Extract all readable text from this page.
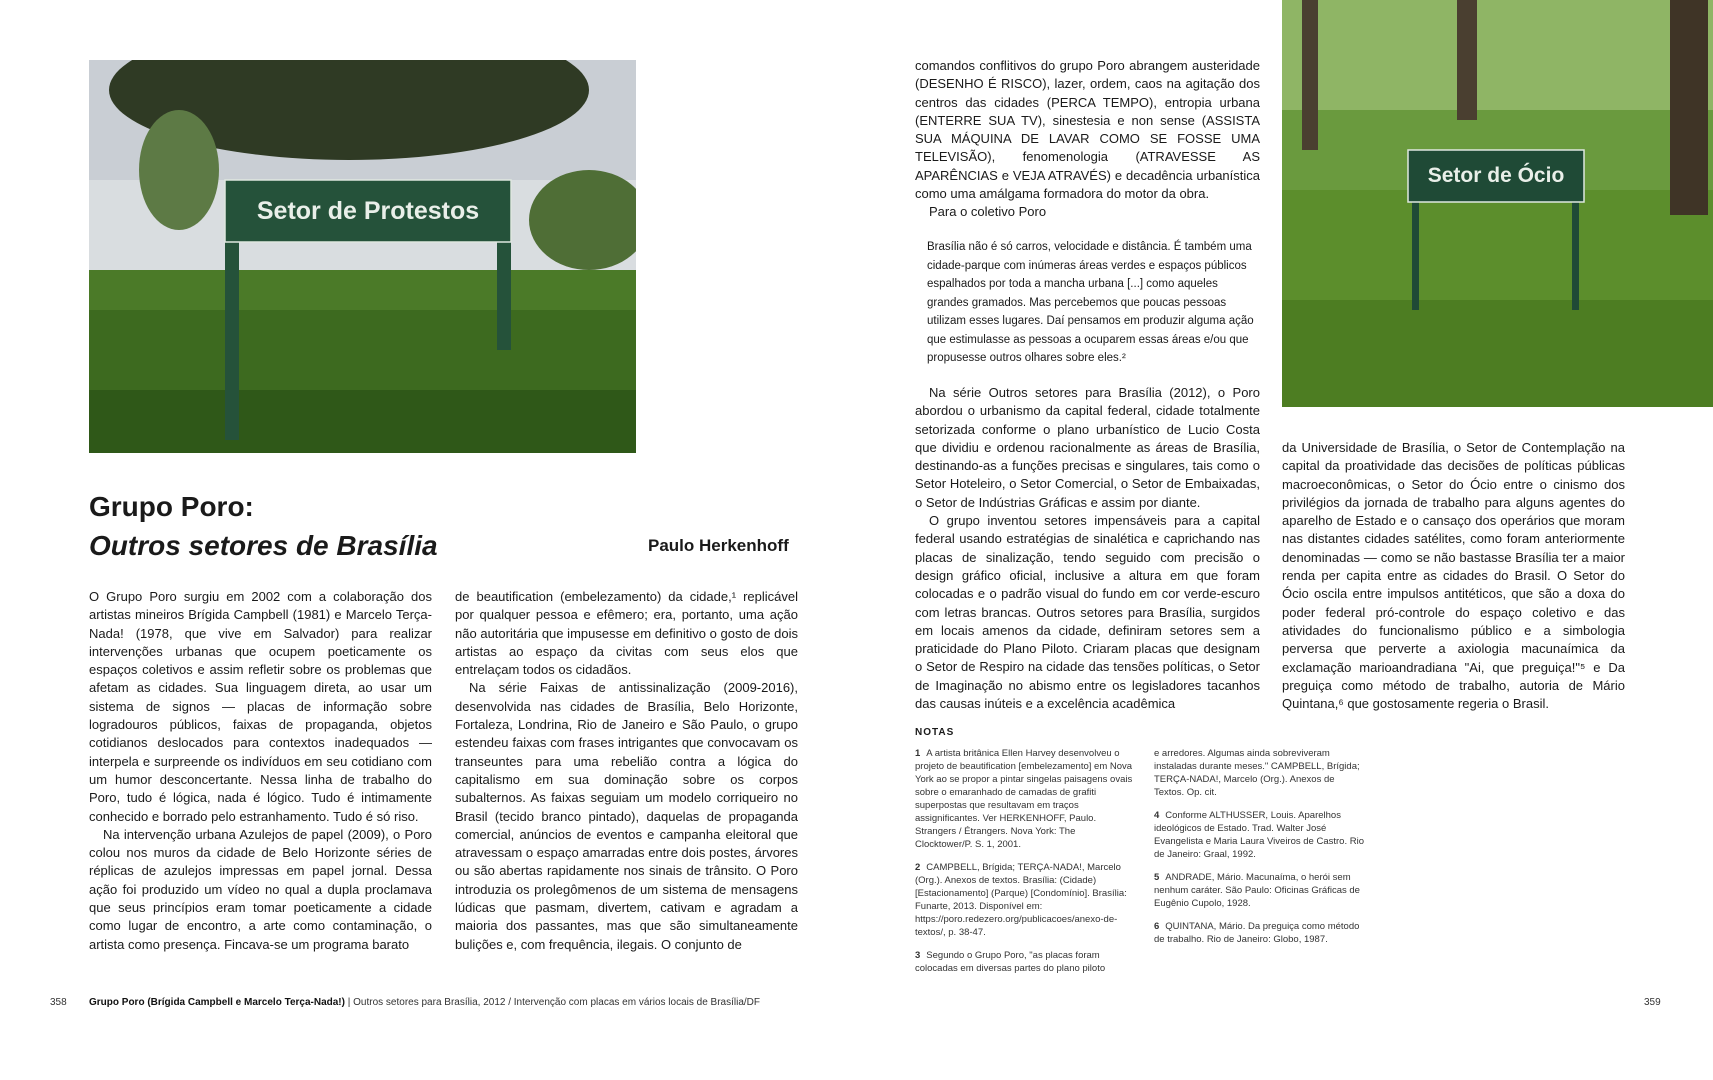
Setor de Protestos
Setor de Ócio
Grupo Poro:
Outros setores de Brasília	Paulo Herkenhoff

O Grupo Poro surgiu em 2002 com a colaboração dos artistas mineiros Brígida Campbell (1981) e Marcelo Terça-Nada! (1978, que vive em Salvador) para realizar intervenções urbanas que ocupem poeticamente os espaços coletivos e assim refletir sobre os problemas que afetam as cidades. Sua linguagem direta, ao usar um sistema de signos — placas de informação sobre logradouros públicos, faixas de propaganda, objetos cotidianos deslocados para contextos inadequados — interpela e surpreende os indivíduos em seu cotidiano com um humor desconcertante. Nessa linha de trabalho do Poro, tudo é lógica, nada é lógico. Tudo é intimamente conhecido e borrado pelo estranhamento. Tudo é só riso.

Na intervenção urbana Azulejos de papel (2009), o Poro colou nos muros da cidade de Belo Horizonte séries de réplicas de azulejos impressas em papel jornal. Dessa ação foi produzido um vídeo no qual a dupla proclamava que seus princípios eram tomar poeticamente a cidade como lugar de encontro, a arte como contaminação, o artista como presença. Fincava-se um programa barato

de beautification (embelezamento) da cidade,¹ replicável por qualquer pessoa e efêmero; era, portanto, uma ação não autoritária que impusesse em definitivo o gosto de dois artistas ao espaço da civitas com seus elos que entrelaçam todos os cidadãos.

Na série Faixas de antissinalização (2009-2016), desenvolvida nas cidades de Brasília, Belo Horizonte, Fortaleza, Londrina, Rio de Janeiro e São Paulo, o grupo estendeu faixas com frases intrigantes que convocavam os transeuntes para uma rebelião contra a lógica do capitalismo em sua dominação sobre os corpos subalternos. As faixas seguiam um modelo corriqueiro no Brasil (tecido branco pintado), daquelas de propaganda comercial, anúncios de eventos e campanha eleitoral que atravessam o espaço amarradas entre dois postes, árvores ou são abertas rapidamente nos sinais de trânsito. O Poro introduzia os prolegômenos de um sistema de mensagens lúdicas que pasmam, divertem, cativam e agradam a maioria dos passantes, mas que são simultaneamente bulições e, com frequência, ilegais. O conjunto de

comandos conflitivos do grupo Poro abrangem austeridade (DESENHO É RISCO), lazer, ordem, caos na agitação dos centros das cidades (PERCA TEMPO), entropia urbana (ENTERRE SUA TV), sinestesia e non sense (ASSISTA SUA MÁQUINA DE LAVAR COMO SE FOSSE UMA TELEVISÃO), fenomenologia (ATRAVESSE AS APARÊNCIAS e VEJA ATRAVÉS) e decadência urbanística como uma amálgama formadora do motor da obra.

Para o coletivo Poro

Brasília não é só carros, velocidade e distância. É também uma cidade-parque com inúmeras áreas verdes e espaços públicos espalhados por toda a mancha urbana [...] como aqueles grandes gramados. Mas percebemos que poucas pessoas utilizam esses lugares. Daí pensamos em produzir alguma ação que estimulasse as pessoas a ocuparem essas áreas e/ou que propusesse outros olhares sobre eles.²

Na série Outros setores para Brasília (2012), o Poro abordou o urbanismo da capital federal, cidade totalmente setorizada conforme o plano urbanístico de Lucio Costa que dividiu e ordenou racionalmente as áreas de Brasília, destinando-as a funções precisas e singulares, tais como o Setor Hoteleiro, o Setor Comercial, o Setor de Embaixadas, o Setor de Indústrias Gráficas e assim por diante.

O grupo inventou setores impensáveis para a capital federal usando estratégias de sinalética e caprichando nas placas de sinalização, tendo seguido com precisão o design gráfico oficial, inclusive a altura em que foram colocadas e o padrão visual do fundo em cor verde-escuro com letras brancas. Outros setores para Brasília, surgidos em locais amenos da cidade, definiram setores sem a praticidade do Plano Piloto. Criaram placas que designam o Setor de Respiro na cidade das tensões políticas, o Setor de Imaginação no abismo entre os legisladores tacanhos das causas inúteis e a excelência acadêmica

da Universidade de Brasília, o Setor de Contemplação na capital da proatividade das decisões de políticas públicas macroeconômicas, o Setor do Ócio entre o cinismo dos privilégios da jornada de trabalho para alguns agentes do aparelho de Estado e o cansaço dos operários que moram nas distantes cidades satélites, como foram anteriormente denominadas — como se não bastasse Brasília ter a maior renda per capita entre as cidades do Brasil. O Setor do Ócio oscila entre impulsos antitéticos, que são a doxa do poder federal pró-controle do espaço coletivo e das atividades do funcionalismo público e a simbologia perversa que perverte a axiologia macunaímica da exclamação marioandradiana "Ai, que preguiça!"⁵ e Da preguiça como método de trabalho, autoria de Mário Quintana,⁶ que gostosamente regeria o Brasil.

NOTAS
1 A artista britânica Ellen Harvey desenvolveu o projeto de beautification [embelezamento] em Nova York ao se propor a pintar singelas paisagens ovais sobre o emaranhado de camadas de grafiti superpostas que resultavam em traços assignificantes. Ver HERKENHOFF, Paulo. Strangers / Étrangers. Nova York: The Clocktower/P. S. 1, 2001.
2 CAMPBELL, Brígida; TERÇA-NADA!, Marcelo (Org.). Anexos de textos. Brasília: (Cidade) [Estacionamento] (Parque) [Condomínio]. Brasília: Funarte, 2013. Disponível em: https://poro.redezero.org/publicacoes/anexo-de-textos/, p. 38-47.
3 Segundo o Grupo Poro, "as placas foram colocadas em diversas partes do plano piloto
e arredores. Algumas ainda sobreviveram instaladas durante meses." CAMPBELL, Brígida; TERÇA-NADA!, Marcelo (Org.). Anexos de Textos. Op. cit.
4 Conforme ALTHUSSER, Louis. Aparelhos ideológicos de Estado. Trad. Walter José Evangelista e Maria Laura Viveiros de Castro. Rio de Janeiro: Graal, 1992.
5 ANDRADE, Mário. Macunaíma, o herói sem nenhum caráter. São Paulo: Oficinas Gráficas de Eugênio Cupolo, 1928.
6 QUINTANA, Mário. Da preguiça como método de trabalho. Rio de Janeiro: Globo, 1987.
358 Grupo Poro (Brígida Campbell e Marcelo Terça-Nada!) | Outros setores para Brasília, 2012 / Intervenção com placas em vários locais de Brasília/DF	359
